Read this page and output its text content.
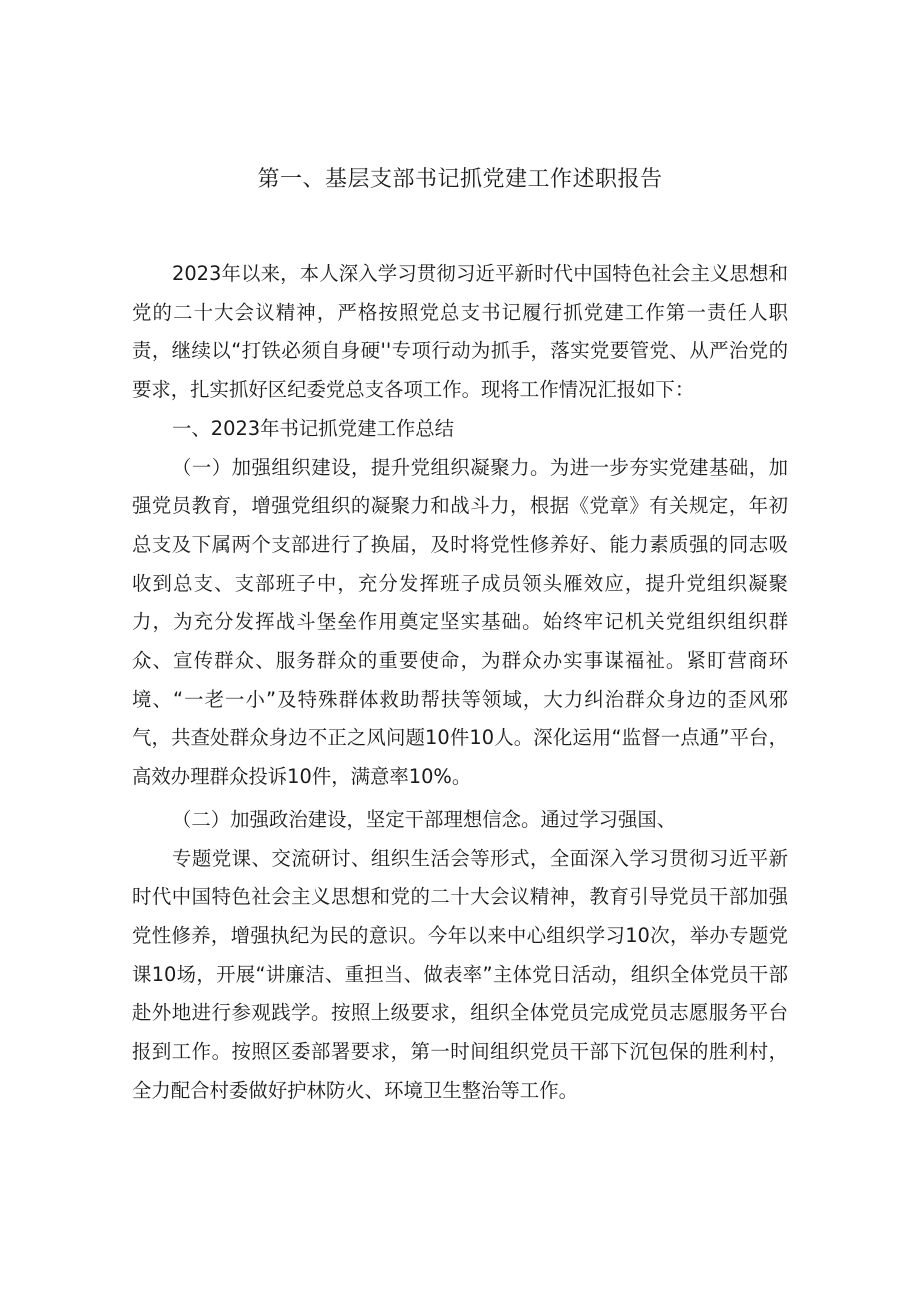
第一、基层支部书记抓党建工作述职报告

2023年以来，本人深入学习贯彻习近平新时代中国特色社会主义思想和党的二十大会议精神，严格按照党总支书记履行抓党建工作第一责任人职责，继续以“打铁必须自身硬''专项行动为抓手，落实党要管党、从严治党的要求，扎实抓好区纪委党总支各项工作。现将工作情况汇报如下：

一、2023年书记抓党建工作总结

（一）加强组织建设，提升党组织凝聚力。为进一步夯实党建基础，加强党员教育，增强党组织的凝聚力和战斗力，根据《党章》有关规定，年初总支及下属两个支部进行了换届，及时将党性修养好、能力素质强的同志吸收到总支、支部班子中，充分发挥班子成员领头雁效应，提升党组织凝聚力，为充分发挥战斗堡垒作用奠定坚实基础。始终牢记机关党组织组织群众、宣传群众、服务群众的重要使命，为群众办实事谋福祉。紧盯营商环境、“一老一小”及特殊群体救助帮扶等领域，大力纠治群众身边的歪风邪气，共查处群众身边不正之风问题10件10人。深化运用“监督一点通”平台，高效办理群众投诉10件，满意率10%。

（二）加强政治建设，坚定干部理想信念。通过学习强国、

专题党课、交流研讨、组织生活会等形式，全面深入学习贯彻习近平新时代中国特色社会主义思想和党的二十大会议精神，教育引导党员干部加强党性修养，增强执纪为民的意识。今年以来中心组织学习10次，举办专题党课10场，开展“讲廉洁、重担当、做表率”主体党日活动，组织全体党员干部赴外地进行参观践学。按照上级要求，组织全体党员完成党员志愿服务平台报到工作。按照区委部署要求，第一时间组织党员干部下沉包保的胜利村，全力配合村委做好护林防火、环境卫生整治等工作。
